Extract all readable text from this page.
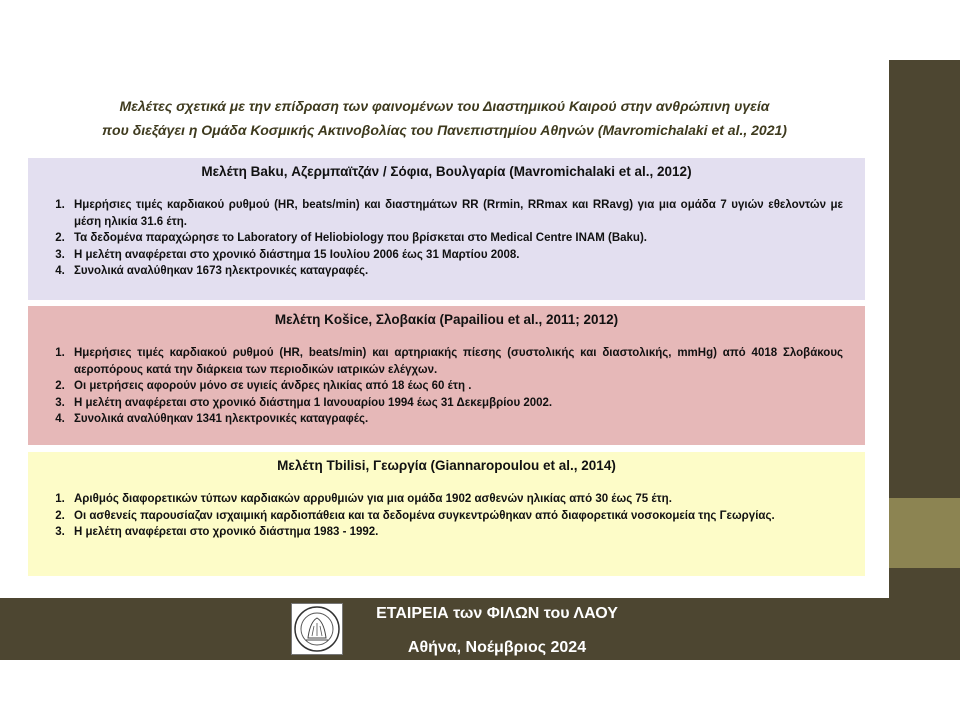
Μελέτες σχετικά με την επίδραση των φαινομένων του Διαστημικού Καιρού στην ανθρώπινη υγεία
που διεξάγει η Ομάδα Κοσμικής Ακτινοβολίας του Πανεπιστημίου Αθηνών (Mavromichalaki et al., 2021)
Μελέτη Baku, Αζερμπαϊτζάν / Σόφια, Βουλγαρία (Mavromichalaki et al., 2012)
1. Ημερήσιες τιμές καρδιακού ρυθμού (HR, beats/min) και διαστημάτων RR (Rrmin, RRmax και RRavg) για μια ομάδα 7 υγιών εθελοντών με μέση ηλικία 31.6 έτη.
2. Τα δεδομένα παραχώρησε το Laboratory of Heliobiology που βρίσκεται στο Medical Centre INAM (Baku).
3. Η μελέτη αναφέρεται στο χρονικό διάστημα 15 Ιουλίου 2006 έως 31 Μαρτίου 2008.
4. Συνολικά αναλύθηκαν 1673 ηλεκτρονικές καταγραφές.
Μελέτη Košice, Σλοβακία (Papailiou et al., 2011; 2012)
1. Ημερήσιες τιμές καρδιακού ρυθμού (HR, beats/min) και αρτηριακής πίεσης (συστολικής και διαστολικής, mmHg) από 4018 Σλοβάκους αεροπόρους κατά την διάρκεια των περιοδικών ιατρικών ελέγχων.
2. Οι μετρήσεις αφορούν μόνο σε υγιείς άνδρες ηλικίας από 18 έως 60 έτη .
3. Η μελέτη αναφέρεται στο χρονικό διάστημα 1 Ιανουαρίου 1994 έως 31 Δεκεμβρίου 2002.
4. Συνολικά αναλύθηκαν 1341 ηλεκτρονικές καταγραφές.
Μελέτη Tbilisi, Γεωργία (Giannaropoulou et al., 2014)
1. Αριθμός διαφορετικών τύπων καρδιακών αρρυθμιών για μια ομάδα 1902 ασθενών ηλικίας από 30 έως 75 έτη.
2. Οι ασθενείς παρουσίαζαν ισχαιμική καρδιοπάθεια και τα δεδομένα συγκεντρώθηκαν από διαφορετικά νοσοκομεία της Γεωργίας.
3. Η μελέτη αναφέρεται στο χρονικό διάστημα 1983 - 1992.
ΕΤΑΙΡΕΙΑ των ΦΙΛΩΝ του ΛΑΟΥ
Αθήνα, Νοέμβριος 2024
